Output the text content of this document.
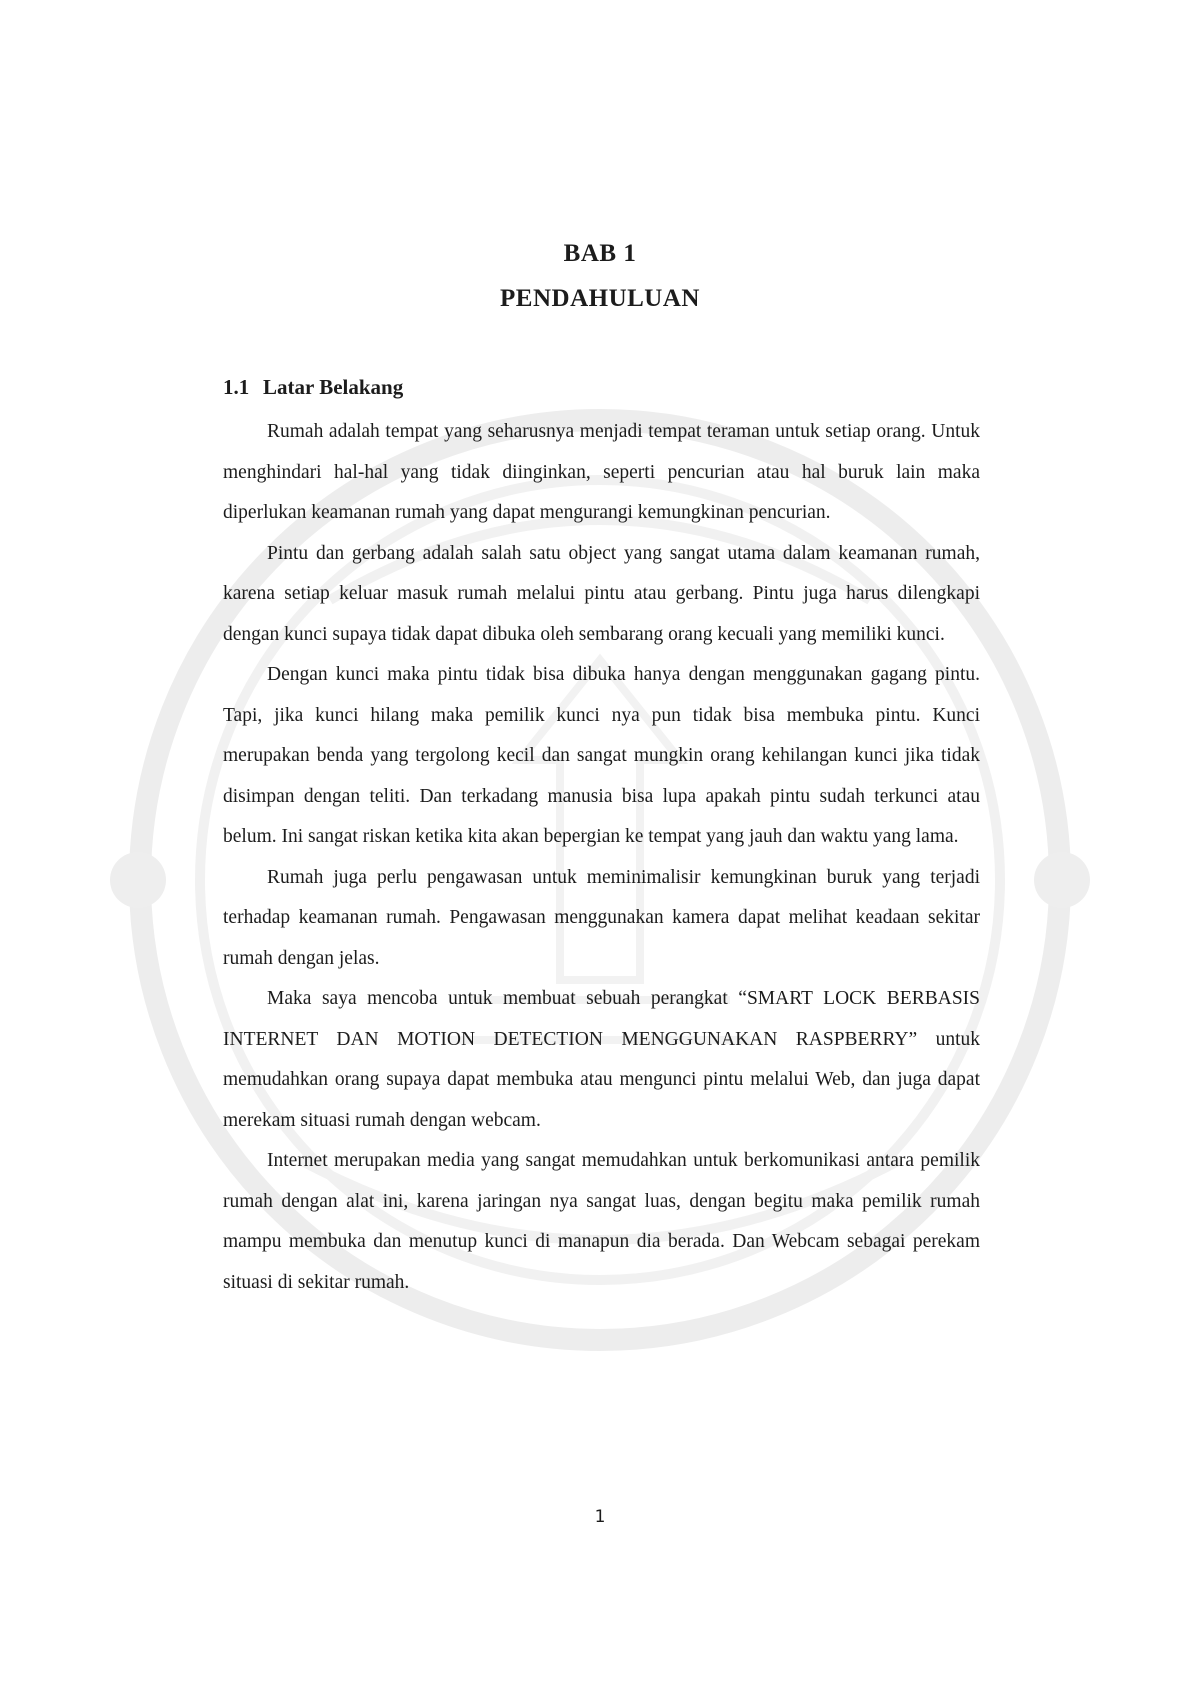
BAB 1
PENDAHULUAN
1.1 Latar Belakang

Rumah adalah tempat yang seharusnya menjadi tempat teraman untuk setiap orang. Untuk menghindari hal-hal yang tidak diinginkan, seperti pencurian atau hal buruk lain maka diperlukan keamanan rumah yang dapat mengurangi kemungkinan pencurian.

Pintu dan gerbang adalah salah satu object yang sangat utama dalam keamanan rumah, karena setiap keluar masuk rumah melalui pintu atau gerbang. Pintu juga harus dilengkapi dengan kunci supaya tidak dapat dibuka oleh sembarang orang kecuali yang memiliki kunci.

Dengan kunci maka pintu tidak bisa dibuka hanya dengan menggunakan gagang pintu. Tapi, jika kunci hilang maka pemilik kunci nya pun tidak bisa membuka pintu. Kunci merupakan benda yang tergolong kecil dan sangat mungkin orang kehilangan kunci jika tidak disimpan dengan teliti. Dan terkadang manusia bisa lupa apakah pintu sudah terkunci atau belum. Ini sangat riskan ketika kita akan bepergian ke tempat yang jauh dan waktu yang lama.

Rumah juga perlu pengawasan untuk meminimalisir kemungkinan buruk yang terjadi terhadap keamanan rumah. Pengawasan menggunakan kamera dapat melihat keadaan sekitar rumah dengan jelas.

Maka saya mencoba untuk membuat sebuah perangkat “SMART LOCK BERBASIS INTERNET DAN MOTION DETECTION MENGGUNAKAN RASPBERRY” untuk memudahkan orang supaya dapat membuka atau mengunci pintu melalui Web, dan juga dapat merekam situasi rumah dengan webcam.

Internet merupakan media yang sangat memudahkan untuk berkomunikasi antara pemilik rumah dengan alat ini, karena jaringan nya sangat luas, dengan begitu maka pemilik rumah mampu membuka dan menutup kunci di manapun dia berada. Dan Webcam sebagai perekam situasi di sekitar rumah.

1
